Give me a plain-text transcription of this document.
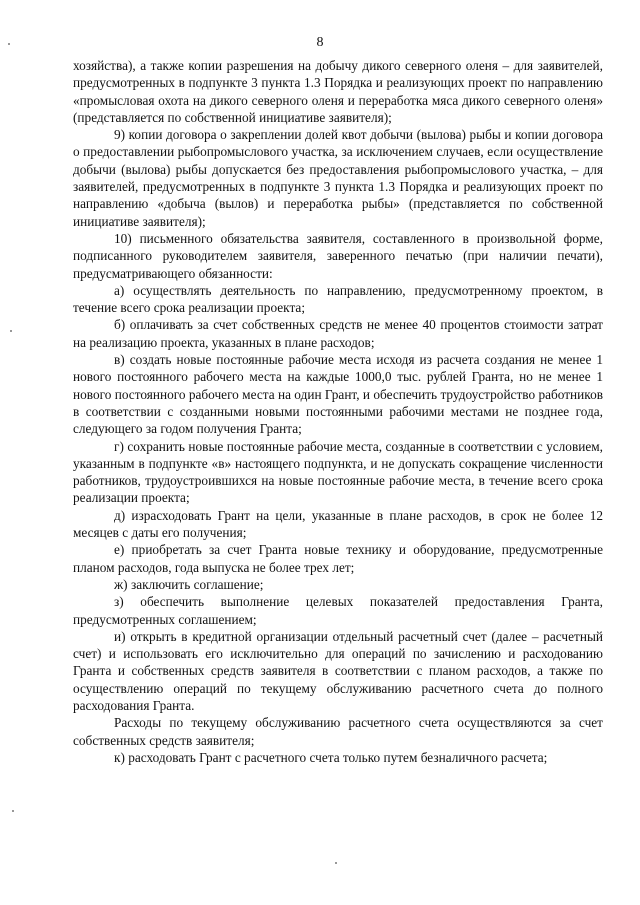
8

хозяйства), а также копии разрешения на добычу дикого северного оленя – для заявителей, предусмотренных в подпункте 3 пункта 1.3 Порядка и реализующих проект по направлению «промысловая охота на дикого северного оленя и переработка мяса дикого северного оленя» (представляется по собственной инициативе заявителя);

9) копии договора о закреплении долей квот добычи (вылова) рыбы и копии договора о предоставлении рыбопромыслового участка, за исключением случаев, если осуществление добычи (вылова) рыбы допускается без предоставления рыбопромыслового участка, – для заявителей, предусмотренных в подпункте 3 пункта 1.3 Порядка и реализующих проект по направлению «добыча (вылов) и переработка рыбы» (представляется по собственной инициативе заявителя);

10) письменного обязательства заявителя, составленного в произвольной форме, подписанного руководителем заявителя, заверенного печатью (при наличии печати), предусматривающего обязанности:

а) осуществлять деятельность по направлению, предусмотренному проектом, в течение всего срока реализации проекта;

б) оплачивать за счет собственных средств не менее 40 процентов стоимости затрат на реализацию проекта, указанных в плане расходов;

в) создать новые постоянные рабочие места исходя из расчета создания не менее 1 нового постоянного рабочего места на каждые 1000,0 тыс. рублей Гранта, но не менее 1 нового постоянного рабочего места на один Грант, и обеспечить трудоустройство работников в соответствии с созданными новыми постоянными рабочими местами не позднее года, следующего за годом получения Гранта;

г) сохранить новые постоянные рабочие места, созданные в соответствии с условием, указанным в подпункте «в» настоящего подпункта, и не допускать сокращение численности работников, трудоустроившихся на новые постоянные рабочие места, в течение всего срока реализации проекта;

д) израсходовать Грант на цели, указанные в плане расходов, в срок не более 12 месяцев с даты его получения;

е) приобретать за счет Гранта новые технику и оборудование, предусмотренные планом расходов, года выпуска не более трех лет;

ж) заключить соглашение;

з) обеспечить выполнение целевых показателей предоставления Гранта, предусмотренных соглашением;

и) открыть в кредитной организации отдельный расчетный счет (далее – расчетный счет) и использовать его исключительно для операций по зачислению и расходованию Гранта и собственных средств заявителя в соответствии с планом расходов, а также по осуществлению операций по текущему обслуживанию расчетного счета до полного расходования Гранта.

Расходы по текущему обслуживанию расчетного счета осуществляются за счет собственных средств заявителя;

к) расходовать Грант с расчетного счета только путем безналичного расчета;
